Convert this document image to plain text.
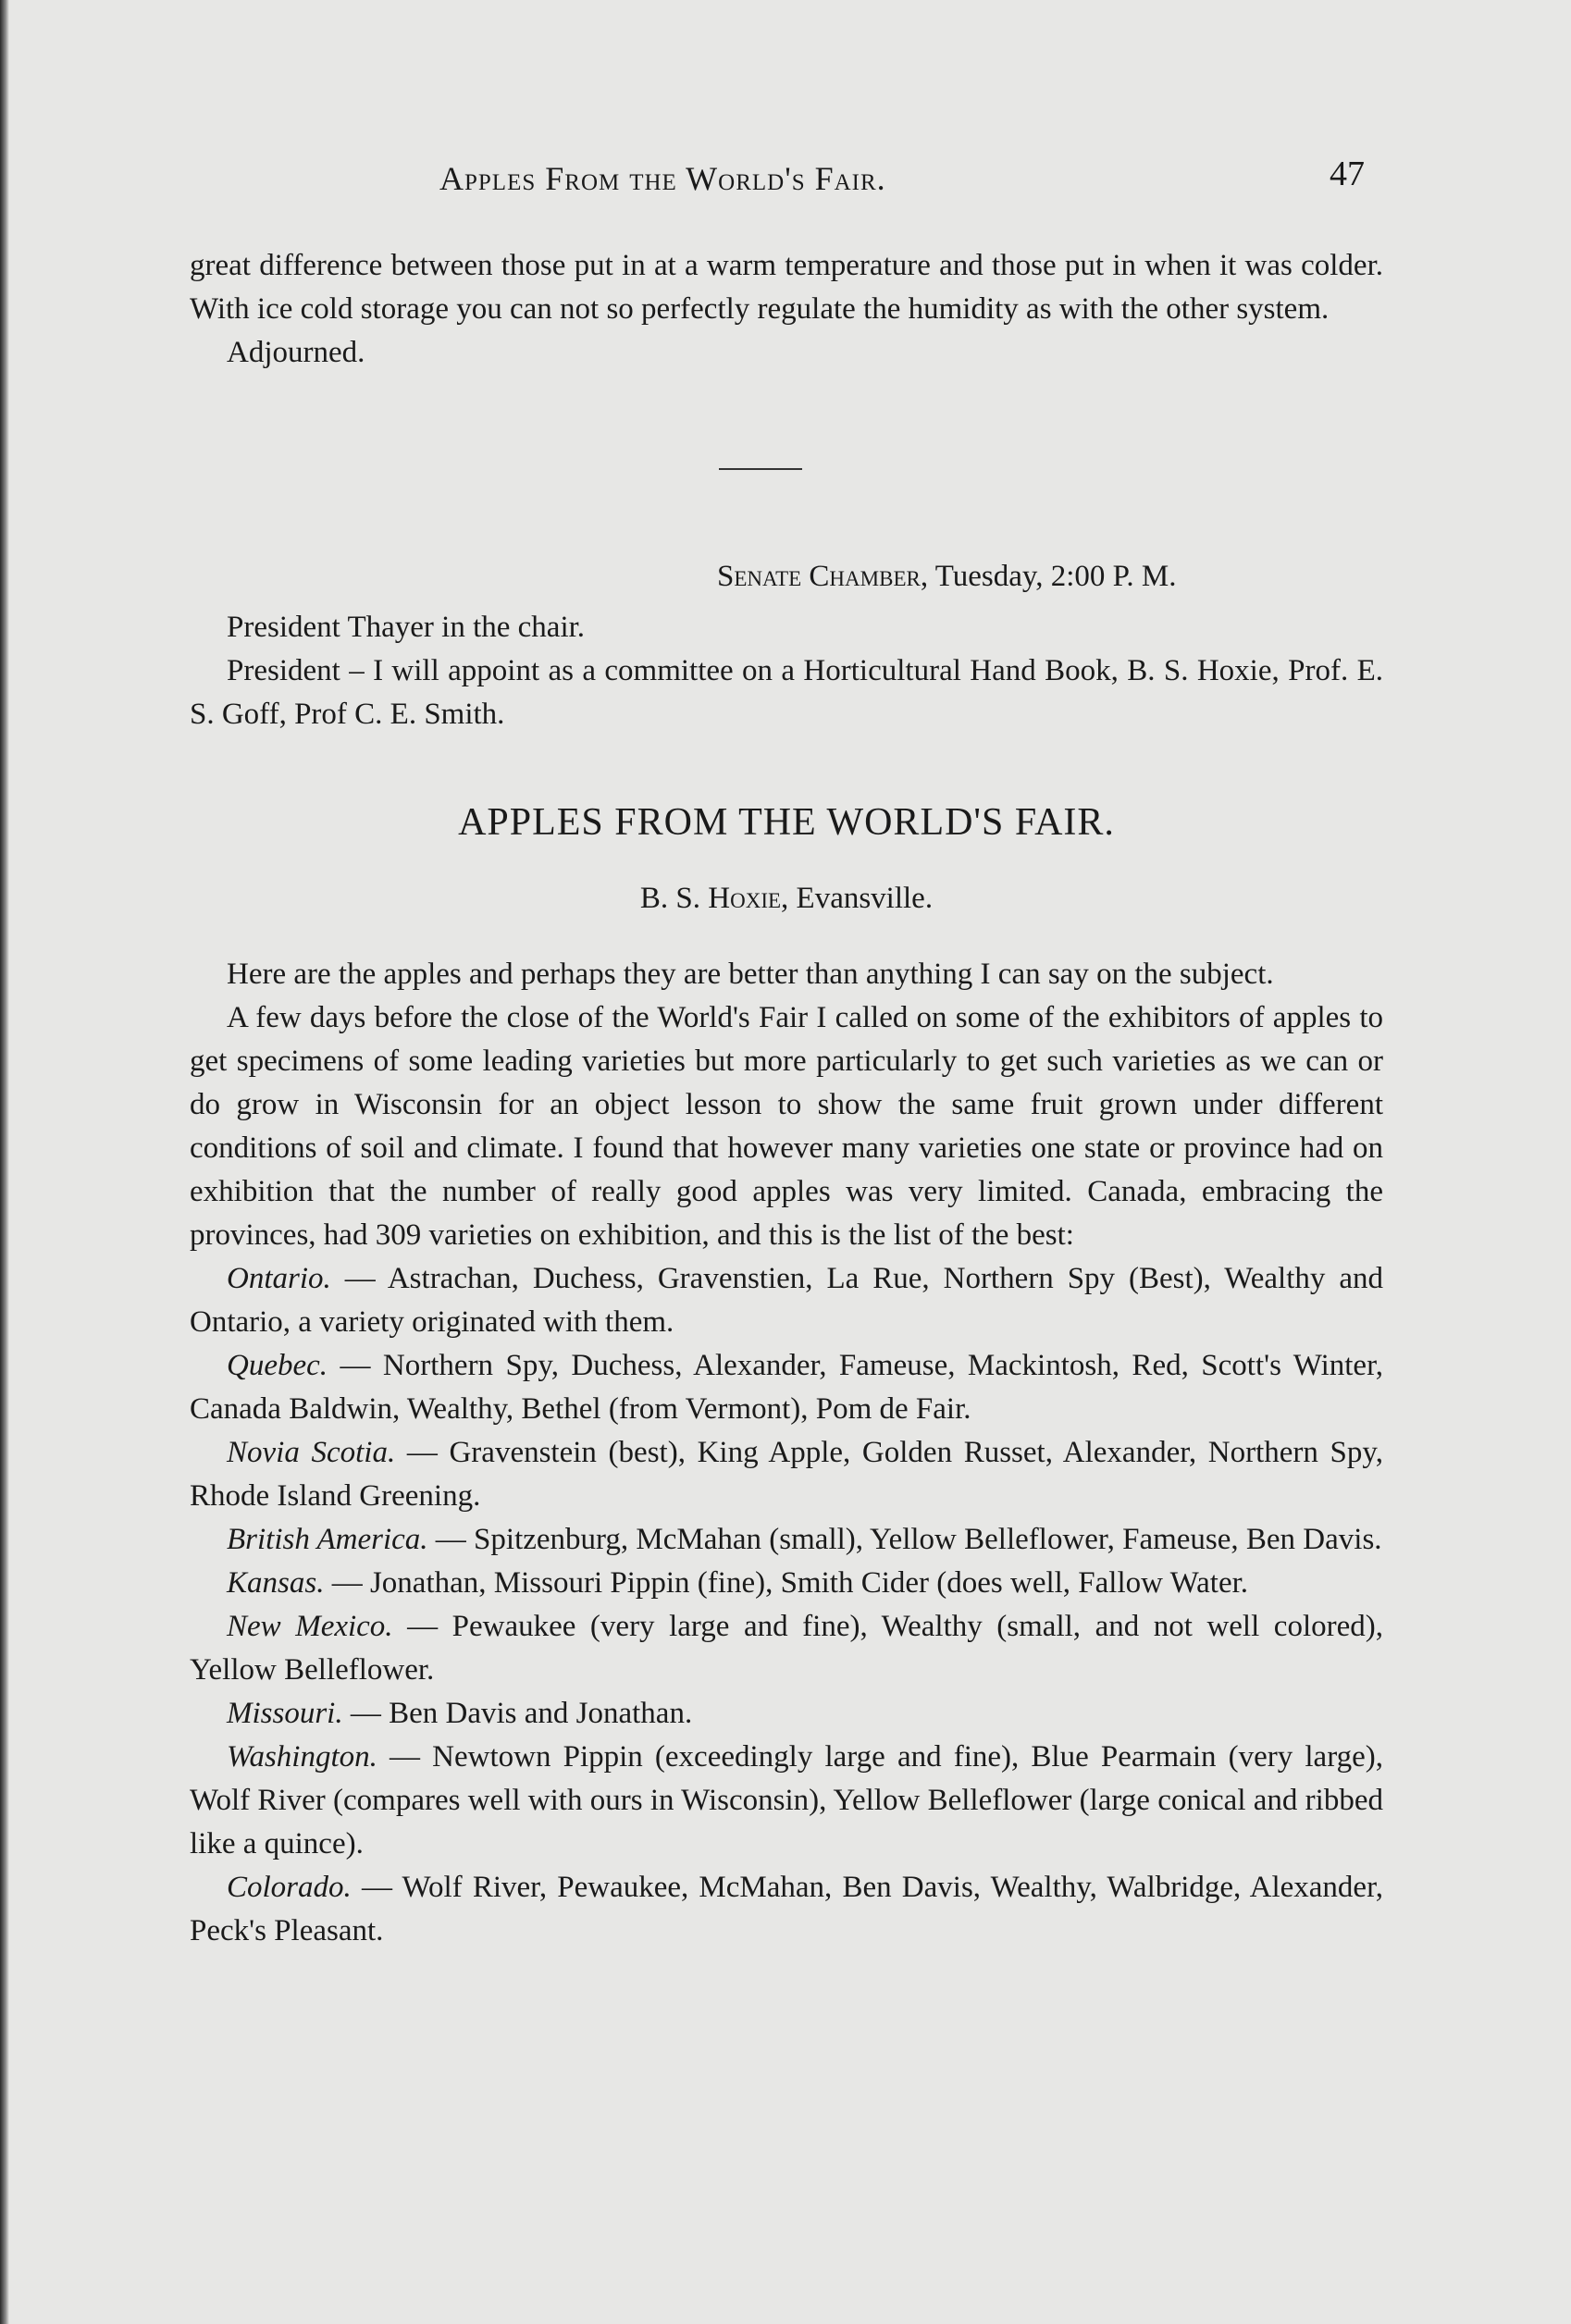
Apples From the World's Fair.	47

great difference between those put in at a warm temperature and those put in when it was colder. With ice cold storage you can not so perfectly regulate the humidity as with the other system.

Adjourned.

Senate Chamber, Tuesday, 2:00 P. M.

President Thayer in the chair.

President – I will appoint as a committee on a Horticultural Hand Book, B. S. Hoxie, Prof. E. S. Goff, Prof C. E. Smith.

APPLES FROM THE WORLD'S FAIR.
B. S. Hoxie, Evansville.

Here are the apples and perhaps they are better than anything I can say on the subject.

A few days before the close of the World's Fair I called on some of the exhibitors of apples to get specimens of some leading varieties but more particularly to get such varieties as we can or do grow in Wisconsin for an object lesson to show the same fruit grown under different conditions of soil and climate. I found that however many varieties one state or province had on exhibition that the number of really good apples was very limited. Canada, embracing the provinces, had 309 varieties on exhibition, and this is the list of the best:

Ontario. — Astrachan, Duchess, Gravenstien, La Rue, Northern Spy (Best), Wealthy and Ontario, a variety originated with them.

Quebec. — Northern Spy, Duchess, Alexander, Fameuse, Mackintosh, Red, Scott's Winter, Canada Baldwin, Wealthy, Bethel (from Vermont), Pom de Fair.

Novia Scotia. — Gravenstein (best), King Apple, Golden Russet, Alexander, Northern Spy, Rhode Island Greening.

British America. — Spitzenburg, McMahan (small), Yellow Belleflower, Fameuse, Ben Davis.

Kansas. — Jonathan, Missouri Pippin (fine), Smith Cider (does well, Fallow Water.

New Mexico. — Pewaukee (very large and fine), Wealthy (small, and not well colored), Yellow Belleflower.

Missouri. — Ben Davis and Jonathan.

Washington. — Newtown Pippin (exceedingly large and fine), Blue Pearmain (very large), Wolf River (compares well with ours in Wisconsin), Yellow Belleflower (large conical and ribbed like a quince).

Colorado. — Wolf River, Pewaukee, McMahan, Ben Davis, Wealthy, Walbridge, Alexander, Peck's Pleasant.
